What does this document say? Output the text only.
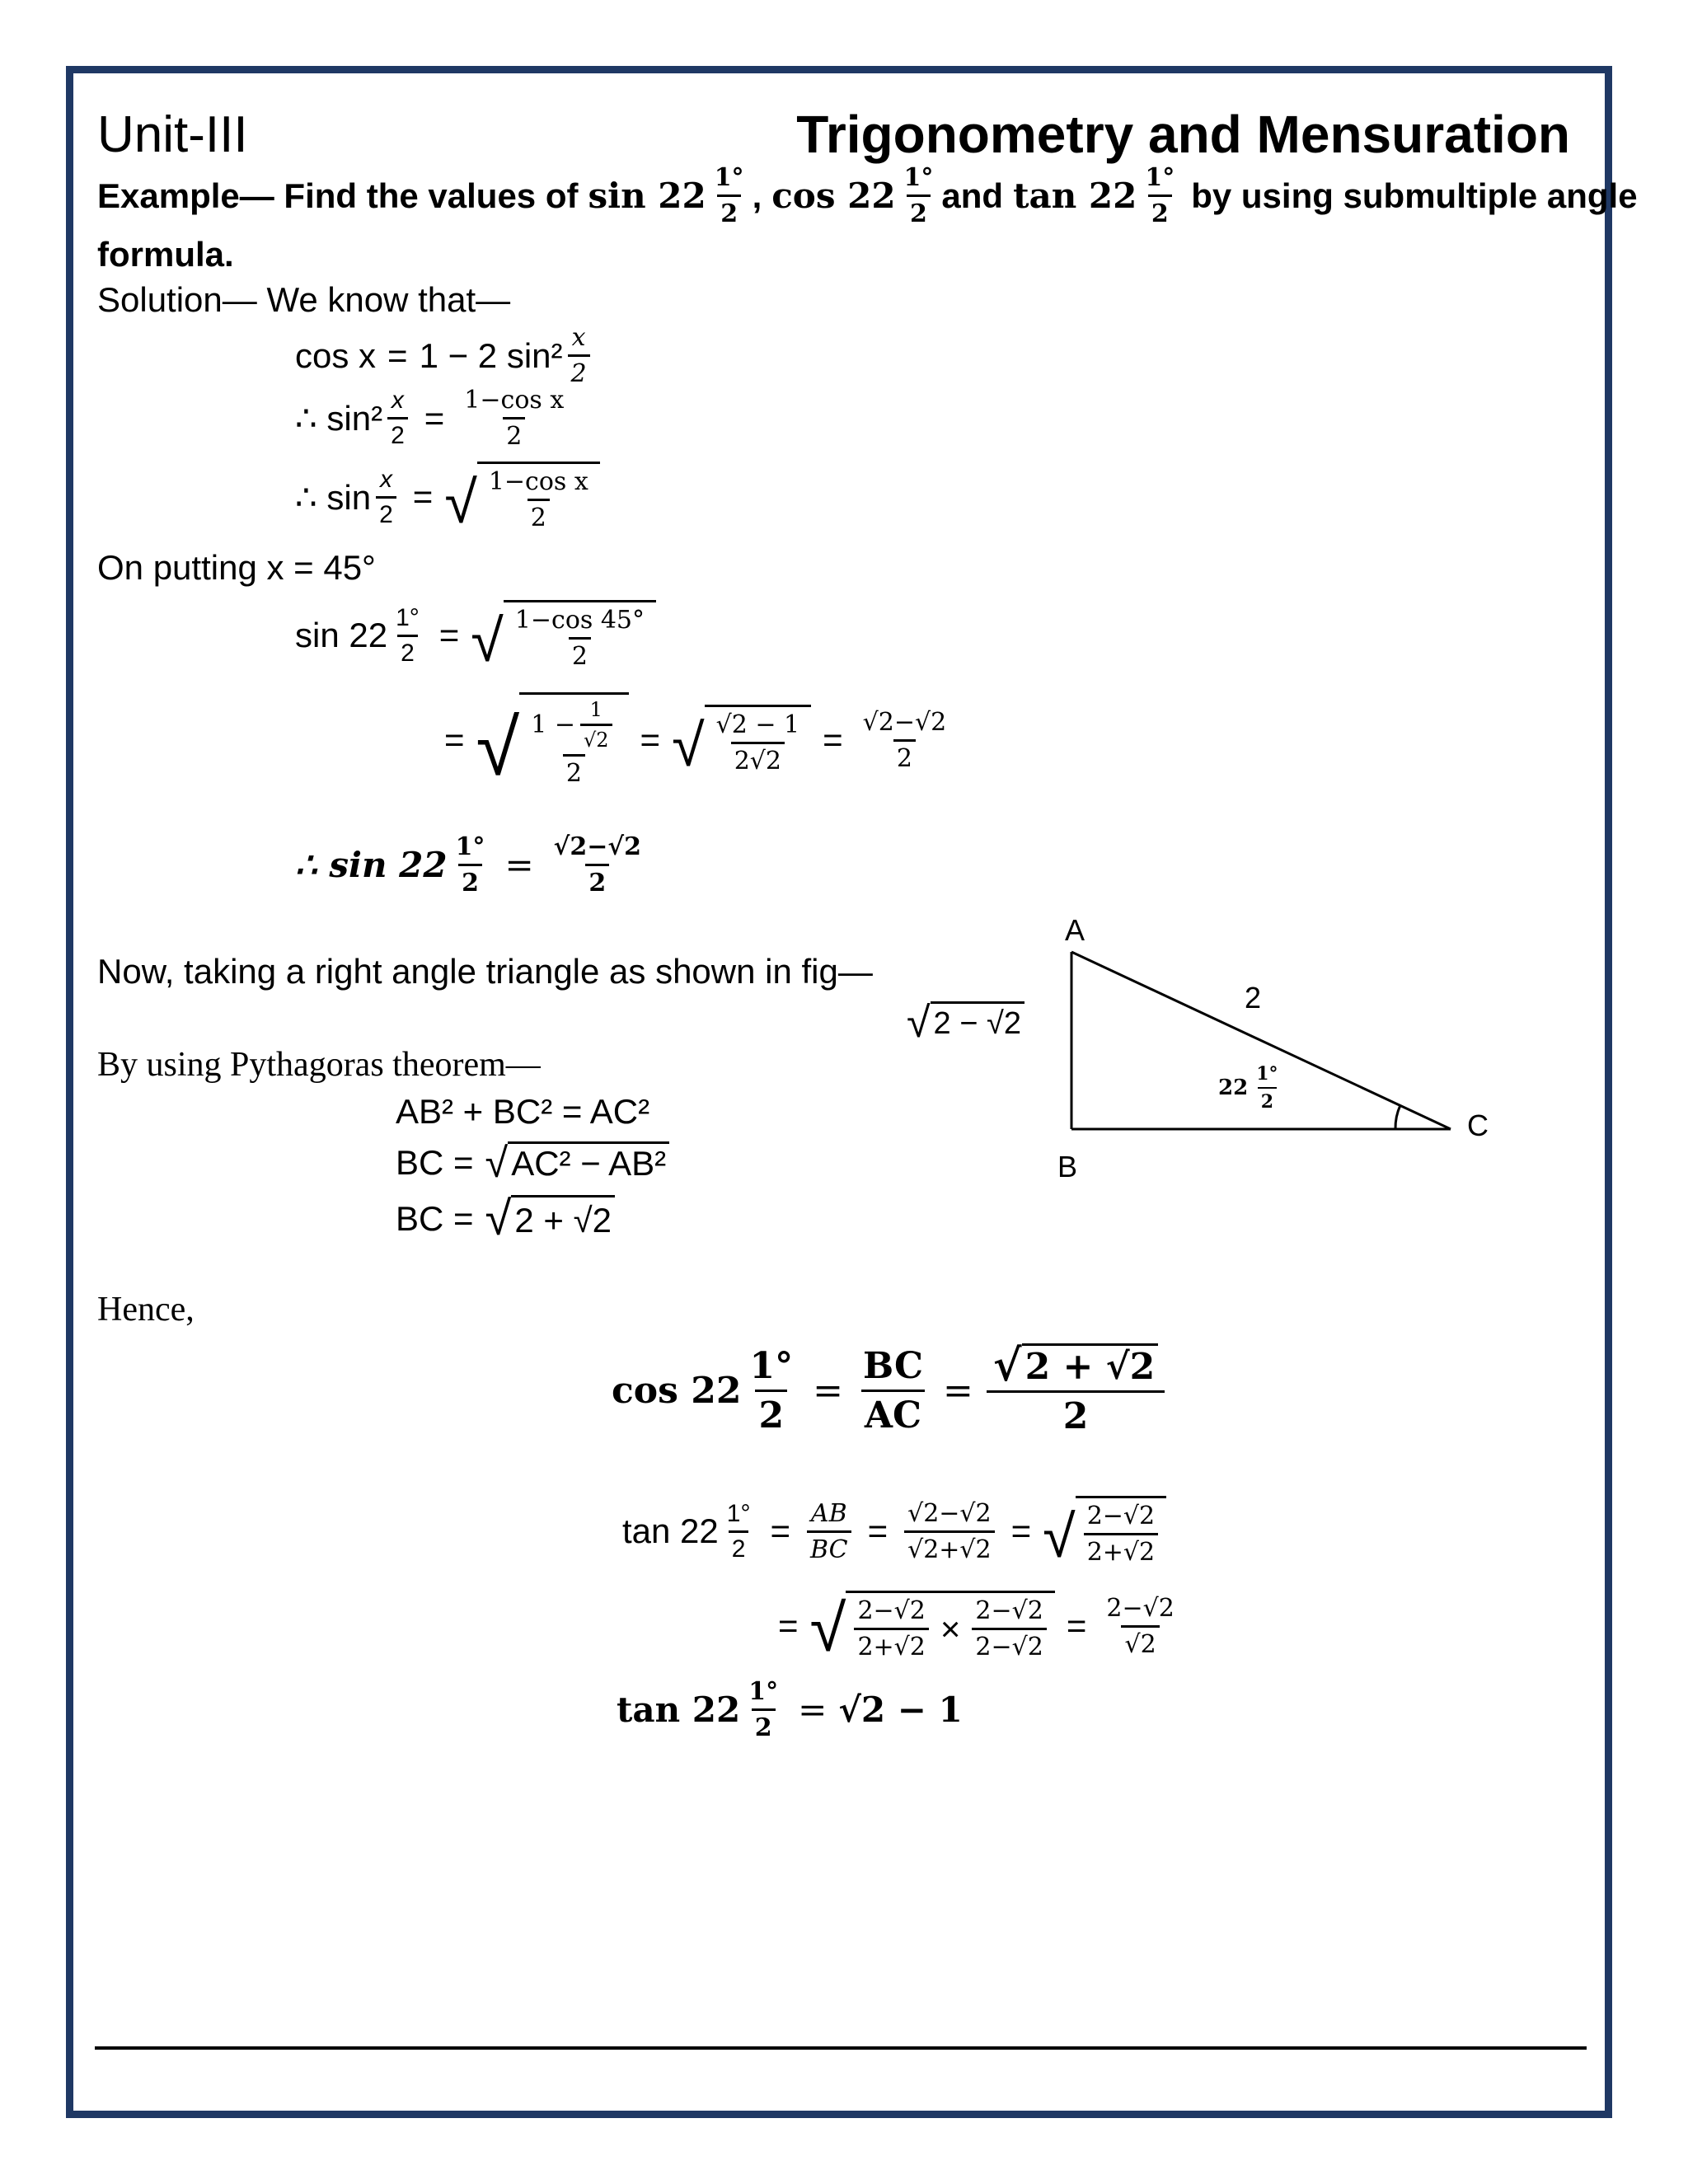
Unit-III	Trigonometry and Mensuration
Example— Find the values of sin 22 1°
2 , cos 22 1°
2 and tan 22 1°
2 by using submultiple angle
formula.
Solution— We know that—
cos x = 1 − 2 sin² x
2
∴ $\sin^2 \frac{x}{2} = \frac{\text{1−cos x}}{2}$
∴ $\sin \frac{x}{2}$ = √ 1−cos x
2
On putting x = 45°
$\sin 22 \frac{1^\circ}{2}$ = √ 1−cos 45°
2
= √ $1 - \frac{1}{√2}$
2
= √ √2 − 1
2√2
= $\frac{√2-√2}{2}$
∴ $\sin 22 \frac{1^\circ}{2} = \frac{√2-√2}{2}$
Now, taking a right angle triangle as shown in fig—
By using Pythagoras theorem—
AB² + BC² = AC²
BC = √ AC² − AB²
BC = √ 2 + √2
A
B
C
2
√ 2 − √2
22
1°
2
Hence,
$\cos 22 \frac{1^\circ}{2} = \frac{BC}{AC} = \frac{√ 2 + √2}{2}$
$\tan 22 \frac{1^\circ}{2} = \frac{AB}{BC} = \frac{√2-√2}{√2+√2}$ = √ 2−√2
2+√2
= √ $\frac{2-√2}{2+√2} \times \frac{2-√2}{2-√2} = \frac{2-√2}{√2}$
$\tan 22 \frac{1^\circ}{2} = √2 - 1$
